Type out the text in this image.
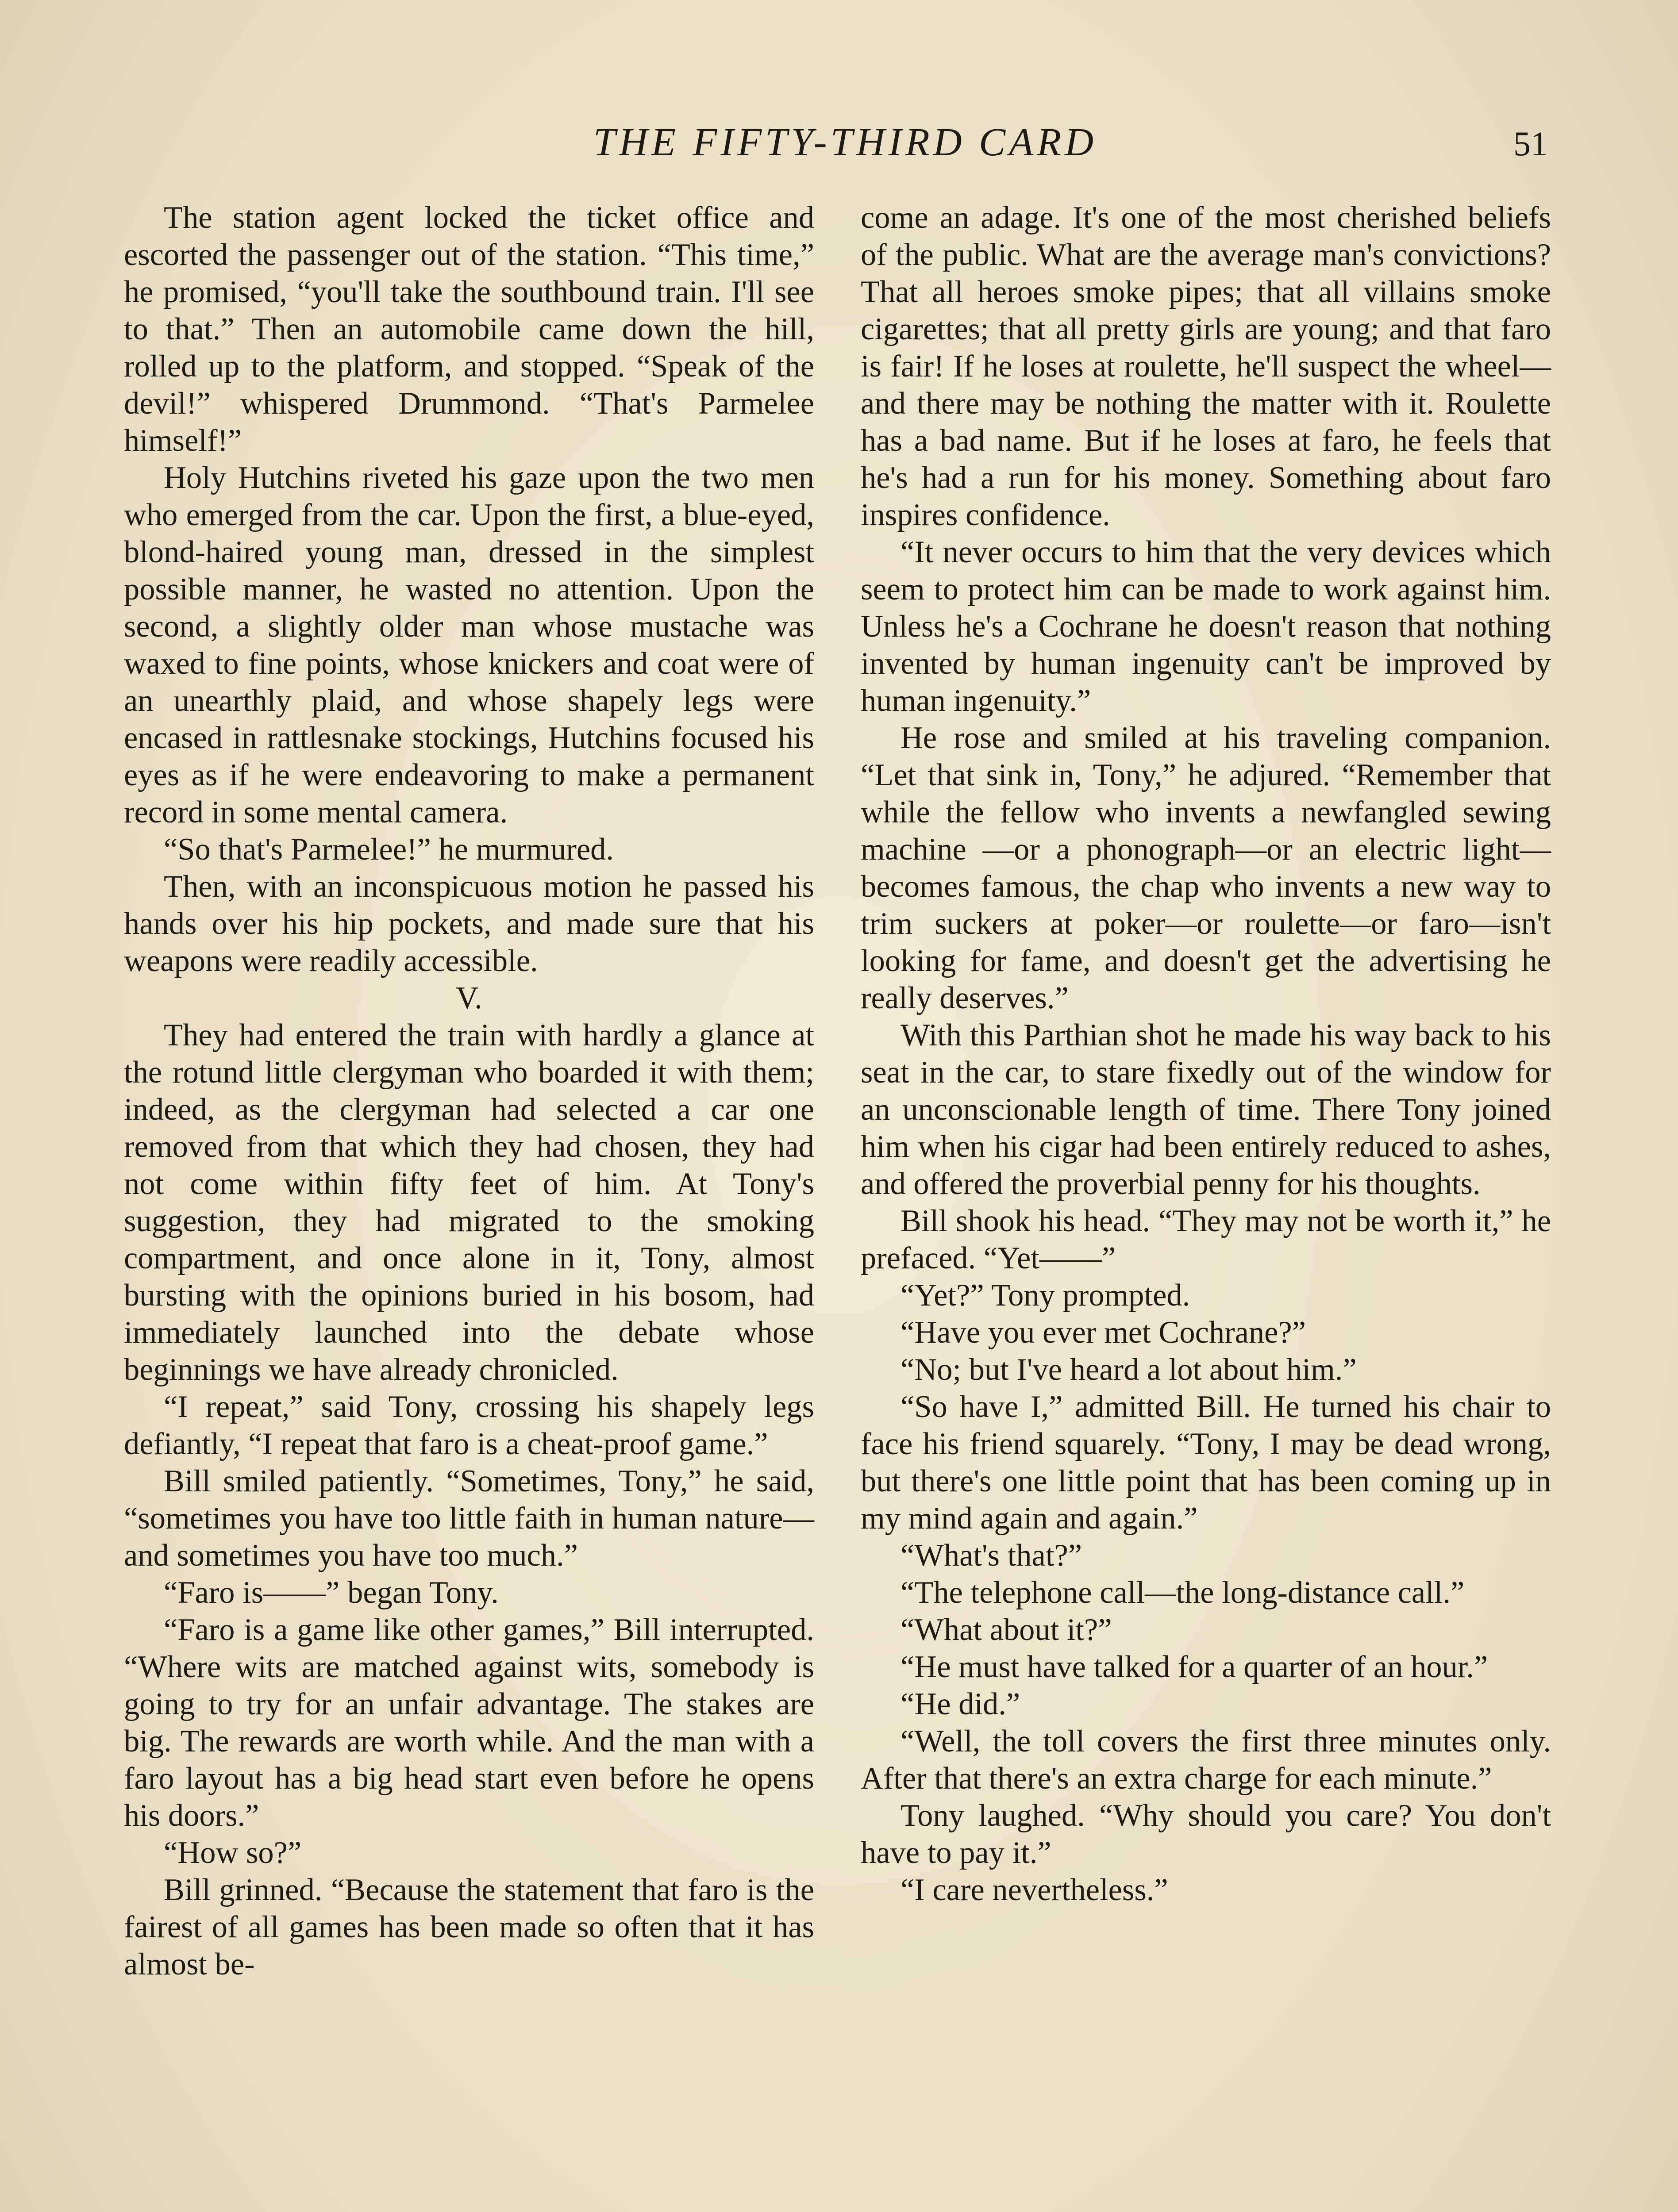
THE FIFTY-THIRD CARD	51

The station agent locked the ticket office and escorted the passenger out of the station. “This time,” he promised, “you'll take the southbound train. I'll see to that.” Then an automobile came down the hill, rolled up to the platform, and stopped. “Speak of the devil!” whispered Drummond. “That's Parmelee himself!”

Holy Hutchins riveted his gaze upon the two men who emerged from the car. Upon the first, a blue-eyed, blond-haired young man, dressed in the simplest possible manner, he wasted no attention. Upon the second, a slightly older man whose mustache was waxed to fine points, whose knickers and coat were of an unearthly plaid, and whose shapely legs were encased in rattlesnake stockings, Hutchins focused his eyes as if he were endeavoring to make a permanent record in some mental camera.

“So that's Parmelee!” he murmured.

Then, with an inconspicuous motion he passed his hands over his hip pockets, and made sure that his weapons were readily accessible.

V.

They had entered the train with hardly a glance at the rotund little clergyman who boarded it with them; indeed, as the clergyman had selected a car one removed from that which they had chosen, they had not come within fifty feet of him. At Tony's suggestion, they had migrated to the smoking compartment, and once alone in it, Tony, almost bursting with the opinions buried in his bosom, had immediately launched into the debate whose beginnings we have already chronicled.

“I repeat,” said Tony, crossing his shapely legs defiantly, “I repeat that faro is a cheat-proof game.”

Bill smiled patiently. “Sometimes, Tony,” he said, “sometimes you have too little faith in human nature—and sometimes you have too much.”

“Faro is——” began Tony.

“Faro is a game like other games,” Bill interrupted. “Where wits are matched against wits, somebody is going to try for an unfair advantage. The stakes are big. The rewards are worth while. And the man with a faro layout has a big head start even before he opens his doors.”

“How so?”

Bill grinned. “Because the statement that faro is the fairest of all games has been made so often that it has almost be-

come an adage. It's one of the most cherished beliefs of the public. What are the average man's convictions? That all heroes smoke pipes; that all villains smoke cigarettes; that all pretty girls are young; and that faro is fair! If he loses at roulette, he'll suspect the wheel—and there may be nothing the matter with it. Roulette has a bad name. But if he loses at faro, he feels that he's had a run for his money. Something about faro inspires confidence.

“It never occurs to him that the very devices which seem to protect him can be made to work against him. Unless he's a Cochrane he doesn't reason that nothing invented by human ingenuity can't be improved by human ingenuity.”

He rose and smiled at his traveling companion. “Let that sink in, Tony,” he adjured. “Remember that while the fellow who invents a newfangled sewing machine —or a phonograph—or an electric light—becomes famous, the chap who invents a new way to trim suckers at poker—or roulette—or faro—isn't looking for fame, and doesn't get the advertising he really deserves.”

With this Parthian shot he made his way back to his seat in the car, to stare fixedly out of the window for an unconscionable length of time. There Tony joined him when his cigar had been entirely reduced to ashes, and offered the proverbial penny for his thoughts.

Bill shook his head. “They may not be worth it,” he prefaced. “Yet——”

“Yet?” Tony prompted.

“Have you ever met Cochrane?”

“No; but I've heard a lot about him.”

“So have I,” admitted Bill. He turned his chair to face his friend squarely. “Tony, I may be dead wrong, but there's one little point that has been coming up in my mind again and again.”

“What's that?”

“The telephone call—the long-distance call.”

“What about it?”

“He must have talked for a quarter of an hour.”

“He did.”

“Well, the toll covers the first three minutes only. After that there's an extra charge for each minute.”

Tony laughed. “Why should you care? You don't have to pay it.”

“I care nevertheless.”
